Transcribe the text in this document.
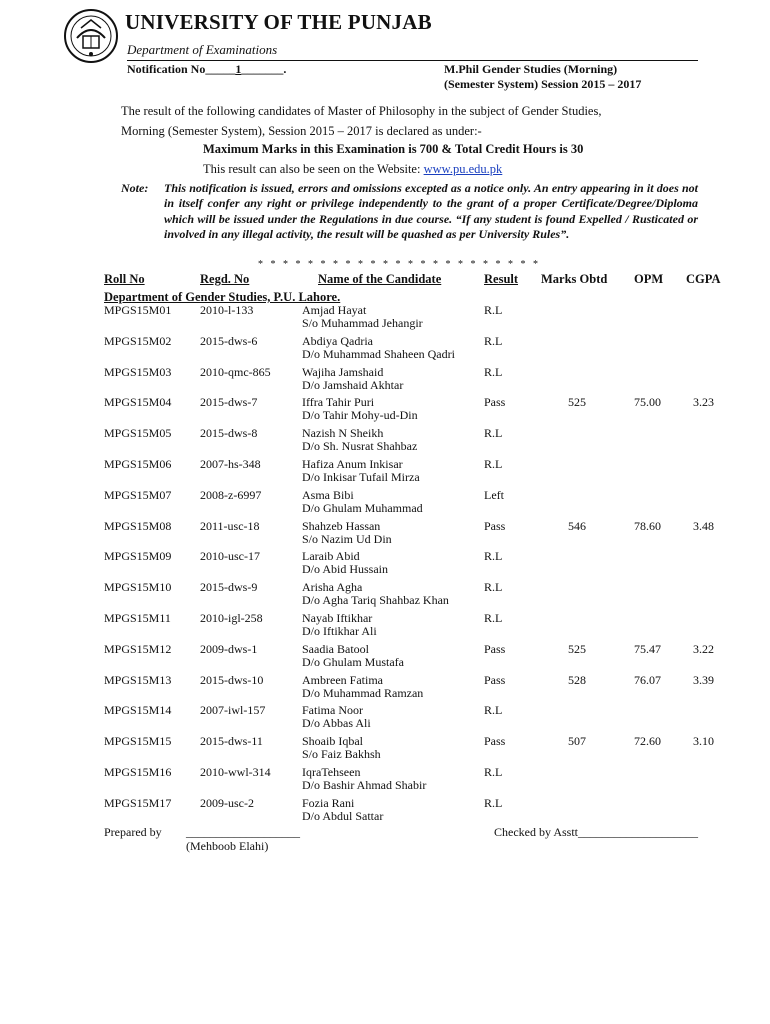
UNIVERSITY OF THE PUNJAB
Department of Examinations
Notification No_____1_______.	M.Phil Gender Studies (Morning)
(Semester System) Session 2015 – 2017
The result of the following candidates of Master of Philosophy in the subject of Gender Studies,
Morning (Semester System), Session 2015 – 2017 is declared as under:-
Maximum Marks in this Examination is 700 & Total Credit Hours is 30
This result can also be seen on the Website: www.pu.edu.pk
Note: This notification is issued, errors and omissions excepted as a notice only. An entry appearing in it does not in itself confer any right or privilege independently to the grant of a proper Certificate/Degree/Diploma which will be issued under the Regulations in due course. “If any student is found Expelled / Rusticated or involved in any illegal activity, the result will be quashed as per University Rules”.
* * * * * * * * * * * * * * * * * * * * * * *
Roll No	Regd. No	Name of the Candidate	Result Marks Obtd OPM CGPA
Department of Gender Studies, P.U. Lahore.
MPGS15M01 2010-l-133	R.L
Amjad Hayat
S/o Muhammad Jehangir
MPGS15M02 2015-dws-6	R.L
Abdiya Qadria
D/o Muhammad Shaheen Qadri
MPGS15M03 2010-qmc-865	R.L
Wajiha Jamshaid
D/o Jamshaid Akhtar
MPGS15M04 2015-dws-7	Pass	525	75.00	3.23
Iffra Tahir Puri
D/o Tahir Mohy-ud-Din
MPGS15M05 2015-dws-8	R.L
Nazish N Sheikh
D/o Sh. Nusrat Shahbaz
MPGS15M06 2007-hs-348	R.L
Hafiza Anum Inkisar
D/o Inkisar Tufail Mirza
MPGS15M07 2008-z-6997	Left
Asma Bibi
D/o Ghulam Muhammad
MPGS15M08 2011-usc-18	Pass	546	78.60	3.48
Shahzeb Hassan
S/o Nazim Ud Din
MPGS15M09 2010-usc-17	R.L
Laraib Abid
D/o Abid Hussain
MPGS15M10 2015-dws-9	R.L
Arisha Agha
D/o Agha Tariq Shahbaz Khan
MPGS15M11 2010-igl-258	R.L
Nayab Iftikhar
D/o Iftikhar Ali
MPGS15M12 2009-dws-1	Pass	525	75.47	3.22
Saadia Batool
D/o Ghulam Mustafa
MPGS15M13 2015-dws-10	Pass	528	76.07	3.39
Ambreen Fatima
D/o Muhammad Ramzan
MPGS15M14 2007-iwl-157	R.L
Fatima Noor
D/o Abbas Ali
MPGS15M15 2015-dws-11	Pass	507	72.60	3.10
Shoaib Iqbal
S/o Faiz Bakhsh
MPGS15M16 2010-wwl-314	R.L
IqraTehseen
D/o Bashir Ahmad Shabir
MPGS15M17 2009-usc-2	R.L
Fozia Rani
D/o Abdul Sattar
Prepared by ___________________
(Mehboob Elahi)
Checked by Asstt____________________
